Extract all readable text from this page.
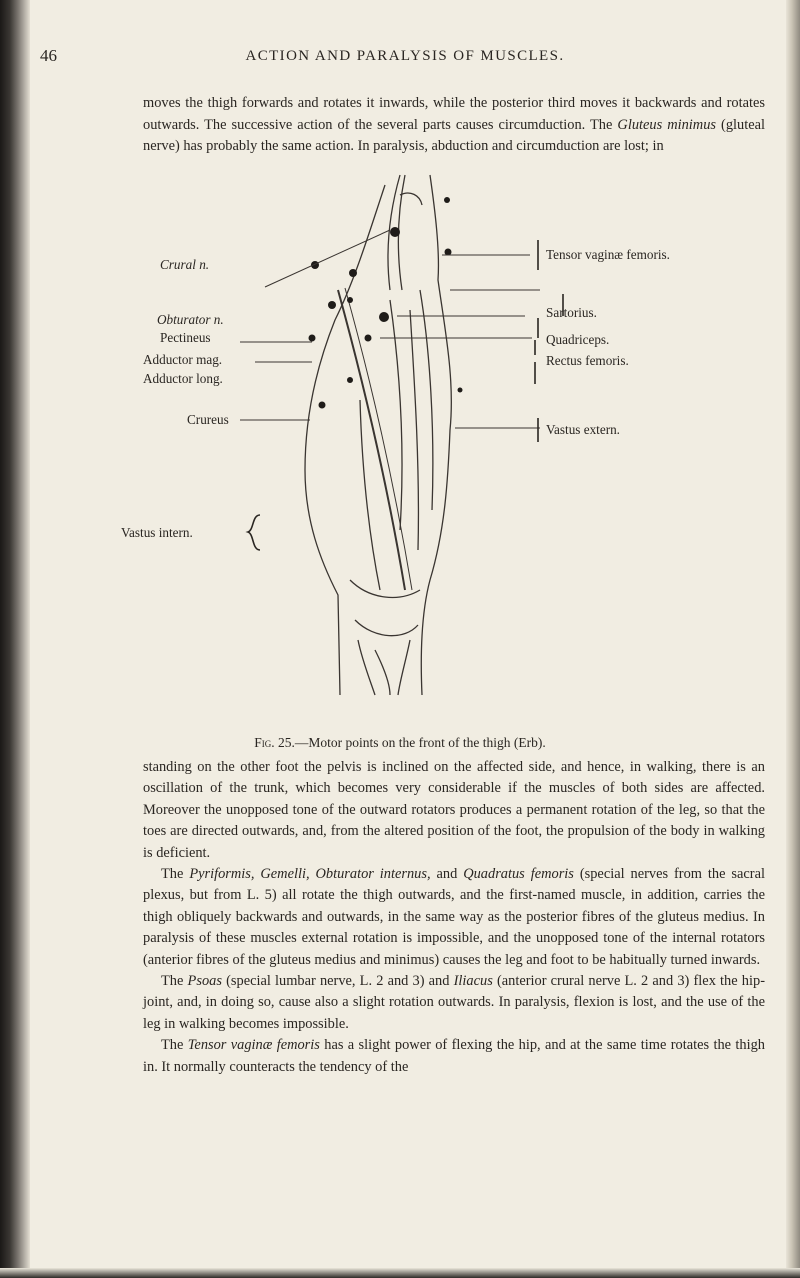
46	ACTION AND PARALYSIS OF MUSCLES.

moves the thigh forwards and rotates it inwards, while the posterior third moves it backwards and rotates outwards. The successive action of the several parts causes circumduction. The Gluteus minimus (gluteal nerve) has probably the same action. In paralysis, abduction and circumduction are lost; in

Crural n.
Obturator n.
Pectineus
Adductor mag.
Adductor long.
Crureus
Vastus intern.
Tensor vaginæ femoris.
Sartorius.
Quadriceps.
Rectus femoris.
Vastus extern.
Fig. 25.—Motor points on the front of the thigh (Erb).

standing on the other foot the pelvis is inclined on the affected side, and hence, in walking, there is an oscillation of the trunk, which becomes very considerable if the muscles of both sides are affected. Moreover the unopposed tone of the outward rotators produces a permanent rotation of the leg, so that the toes are directed outwards, and, from the altered position of the foot, the propulsion of the body in walking is deficient.

The Pyriformis, Gemelli, Obturator internus, and Quadratus femoris (special nerves from the sacral plexus, but from L. 5) all rotate the thigh outwards, and the first-named muscle, in addition, carries the thigh obliquely backwards and outwards, in the same way as the posterior fibres of the gluteus medius. In paralysis of these muscles external rotation is impossible, and the unopposed tone of the internal rotators (anterior fibres of the gluteus medius and minimus) causes the leg and foot to be habitually turned inwards.

The Psoas (special lumbar nerve, L. 2 and 3) and Iliacus (anterior crural nerve L. 2 and 3) flex the hip-joint, and, in doing so, cause also a slight rotation outwards. In paralysis, flexion is lost, and the use of the leg in walking becomes impossible.

The Tensor vaginæ femoris has a slight power of flexing the hip, and at the same time rotates the thigh in. It normally counteracts the tendency of the
